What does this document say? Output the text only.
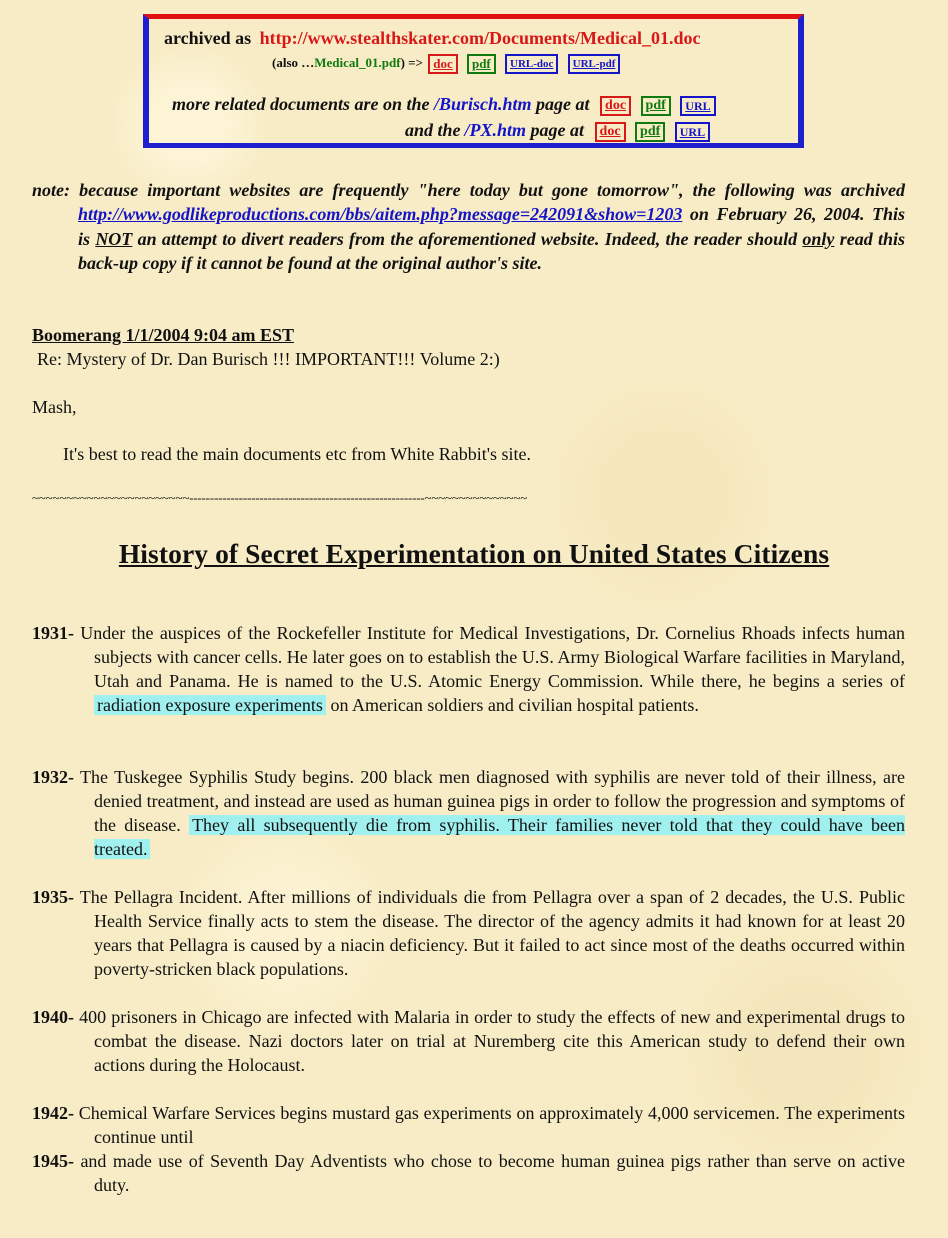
archived as http://www.stealthskater.com/Documents/Medical_01.doc
(also …Medical_01.pdf) => doc pdf URL-doc URL-pdf
more related documents are on the /Burisch.htm page at doc pdf URL
and the /PX.htm page at doc pdf URL
note: because important websites are frequently "here today but gone tomorrow", the following was archived http://www.godlikeproductions.com/bbs/aitem.php?message=242091&show=1203 on February 26, 2004. This is NOT an attempt to divert readers from the aforementioned website. Indeed, the reader should only read this back-up copy if it cannot be found at the original author's site.
Boomerang 1/1/2004 9:04 am EST
Re: Mystery of Dr. Dan Burisch !!! IMPORTANT!!! Volume 2:)
Mash,
It's best to read the main documents etc from White Rabbit's site.
~~~~~~~~~~~~~~~~~~~~~~~---------------------------------------------------------~~~~~~~~~~~~~~~
History of Secret Experimentation on United States Citizens
1931- Under the auspices of the Rockefeller Institute for Medical Investigations, Dr. Cornelius Rhoads infects human subjects with cancer cells. He later goes on to establish the U.S. Army Biological Warfare facilities in Maryland, Utah and Panama. He is named to the U.S. Atomic Energy Commission. While there, he begins a series of radiation exposure experiments on American soldiers and civilian hospital patients.
1932- The Tuskegee Syphilis Study begins. 200 black men diagnosed with syphilis are never told of their illness, are denied treatment, and instead are used as human guinea pigs in order to follow the progression and symptoms of the disease. They all subsequently die from syphilis. Their families never told that they could have been treated.
1935- The Pellagra Incident. After millions of individuals die from Pellagra over a span of 2 decades, the U.S. Public Health Service finally acts to stem the disease. The director of the agency admits it had known for at least 20 years that Pellagra is caused by a niacin deficiency. But it failed to act since most of the deaths occurred within poverty-stricken black populations.
1940- 400 prisoners in Chicago are infected with Malaria in order to study the effects of new and experimental drugs to combat the disease. Nazi doctors later on trial at Nuremberg cite this American study to defend their own actions during the Holocaust.
1942- Chemical Warfare Services begins mustard gas experiments on approximately 4,000 servicemen. The experiments continue until
1945- and made use of Seventh Day Adventists who chose to become human guinea pigs rather than serve on active duty.
